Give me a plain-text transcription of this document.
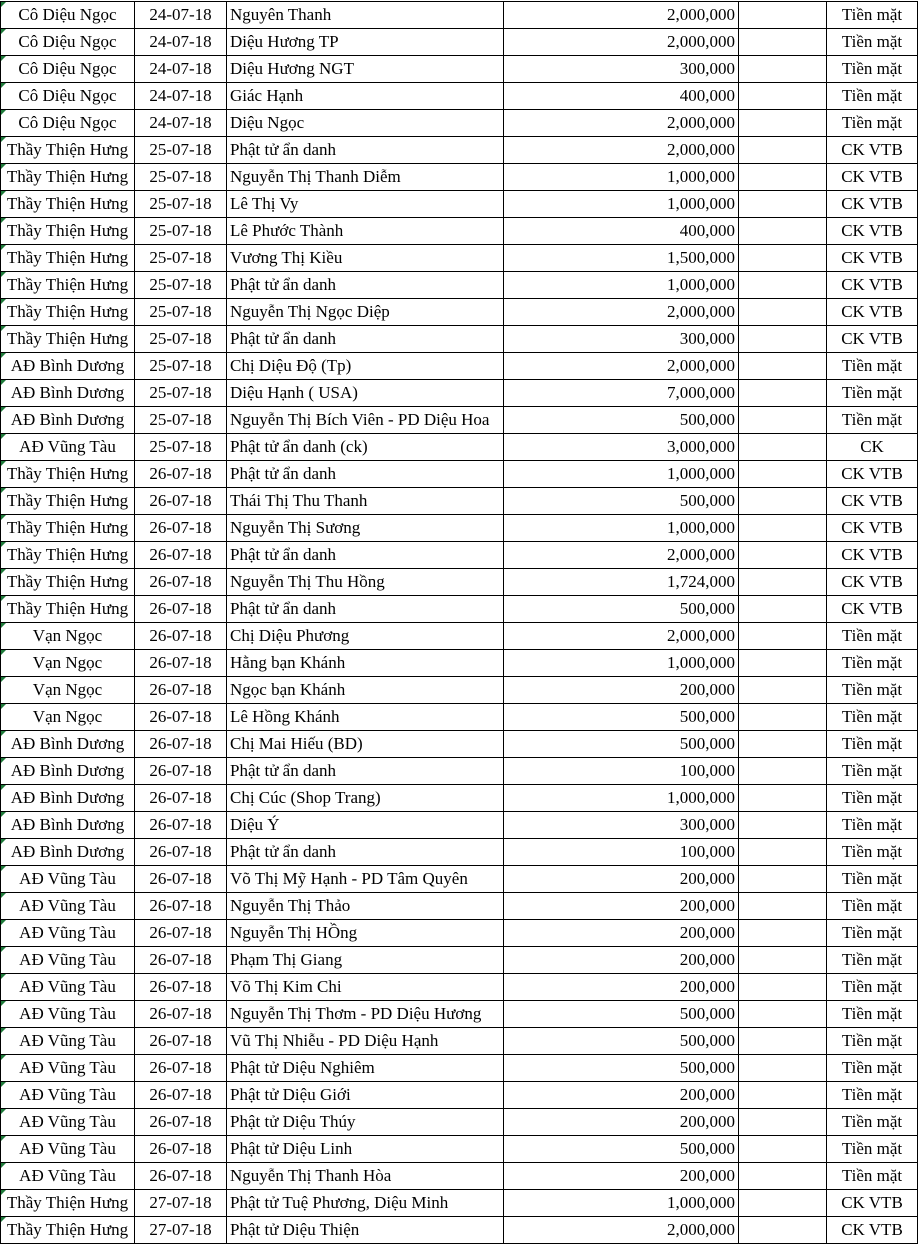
Cô Diệu Ngọc	24-07-18	Nguyên Thanh	2,000,000		Tiền mặt
Cô Diệu Ngọc	24-07-18	Diệu Hương TP	2,000,000		Tiền mặt
Cô Diệu Ngọc	24-07-18	Diệu Hương NGT	300,000		Tiền mặt
Cô Diệu Ngọc	24-07-18	Giác Hạnh	400,000		Tiền mặt
Cô Diệu Ngọc	24-07-18	Diệu Ngọc	2,000,000		Tiền mặt
Thầy Thiện Hưng	25-07-18	Phật tử ẩn danh	2,000,000		CK VTB
Thầy Thiện Hưng	25-07-18	Nguyễn Thị Thanh Diễm	1,000,000		CK VTB
Thầy Thiện Hưng	25-07-18	Lê Thị Vy	1,000,000		CK VTB
Thầy Thiện Hưng	25-07-18	Lê Phước Thành	400,000		CK VTB
Thầy Thiện Hưng	25-07-18	Vương Thị Kiều	1,500,000		CK VTB
Thầy Thiện Hưng	25-07-18	Phật tử ẩn danh	1,000,000		CK VTB
Thầy Thiện Hưng	25-07-18	Nguyễn Thị Ngọc Diệp	2,000,000		CK VTB
Thầy Thiện Hưng	25-07-18	Phật tử ẩn danh	300,000		CK VTB
AĐ Bình Dương	25-07-18	Chị Diệu Độ (Tp)	2,000,000		Tiền mặt
AĐ Bình Dương	25-07-18	Diệu Hạnh ( USA)	7,000,000		Tiền mặt
AĐ Bình Dương	25-07-18	Nguyễn Thị Bích Viên - PD Diệu Hoa	500,000		Tiền mặt
AĐ Vũng Tàu	25-07-18	Phật tử ẩn danh (ck)	3,000,000		CK
Thầy Thiện Hưng	26-07-18	Phật tử ẩn danh	1,000,000		CK VTB
Thầy Thiện Hưng	26-07-18	Thái Thị Thu Thanh	500,000		CK VTB
Thầy Thiện Hưng	26-07-18	Nguyễn Thị Sương	1,000,000		CK VTB
Thầy Thiện Hưng	26-07-18	Phật tử ẩn danh	2,000,000		CK VTB
Thầy Thiện Hưng	26-07-18	Nguyễn Thị Thu Hồng	1,724,000		CK VTB
Thầy Thiện Hưng	26-07-18	Phật tử ẩn danh	500,000		CK VTB
Vạn Ngọc	26-07-18	Chị Diệu Phương	2,000,000		Tiền mặt
Vạn Ngọc	26-07-18	Hằng bạn Khánh	1,000,000		Tiền mặt
Vạn Ngọc	26-07-18	Ngọc bạn Khánh	200,000		Tiền mặt
Vạn Ngọc	26-07-18	Lê Hồng Khánh	500,000		Tiền mặt
AĐ Bình Dương	26-07-18	Chị Mai Hiếu (BD)	500,000		Tiền mặt
AĐ Bình Dương	26-07-18	Phật tử ẩn danh	100,000		Tiền mặt
AĐ Bình Dương	26-07-18	Chị Cúc (Shop Trang)	1,000,000		Tiền mặt
AĐ Bình Dương	26-07-18	Diệu Ý	300,000		Tiền mặt
AĐ Bình Dương	26-07-18	Phật tử ẩn danh	100,000		Tiền mặt
AĐ Vũng Tàu	26-07-18	Võ Thị Mỹ Hạnh - PD Tâm Quyên	200,000		Tiền mặt
AĐ Vũng Tàu	26-07-18	Nguyễn Thị Thảo	200,000		Tiền mặt
AĐ Vũng Tàu	26-07-18	Nguyễn Thị HỒng	200,000		Tiền mặt
AĐ Vũng Tàu	26-07-18	Phạm Thị Giang	200,000		Tiền mặt
AĐ Vũng Tàu	26-07-18	Võ Thị Kim Chi	200,000		Tiền mặt
AĐ Vũng Tàu	26-07-18	Nguyễn Thị Thơm - PD Diệu Hương	500,000		Tiền mặt
AĐ Vũng Tàu	26-07-18	Vũ Thị Nhiễu - PD Diệu Hạnh	500,000		Tiền mặt
AĐ Vũng Tàu	26-07-18	Phật tử Diệu Nghiêm	500,000		Tiền mặt
AĐ Vũng Tàu	26-07-18	Phật tử Diệu Giới	200,000		Tiền mặt
AĐ Vũng Tàu	26-07-18	Phật tử Diệu Thúy	200,000		Tiền mặt
AĐ Vũng Tàu	26-07-18	Phật tử Diệu Linh	500,000		Tiền mặt
AĐ Vũng Tàu	26-07-18	Nguyễn Thị Thanh Hòa	200,000		Tiền mặt
Thầy Thiện Hưng	27-07-18	Phật tử Tuệ Phương, Diệu Minh	1,000,000		CK VTB
Thầy Thiện Hưng	27-07-18	Phật tử Diệu Thiện	2,000,000		CK VTB
